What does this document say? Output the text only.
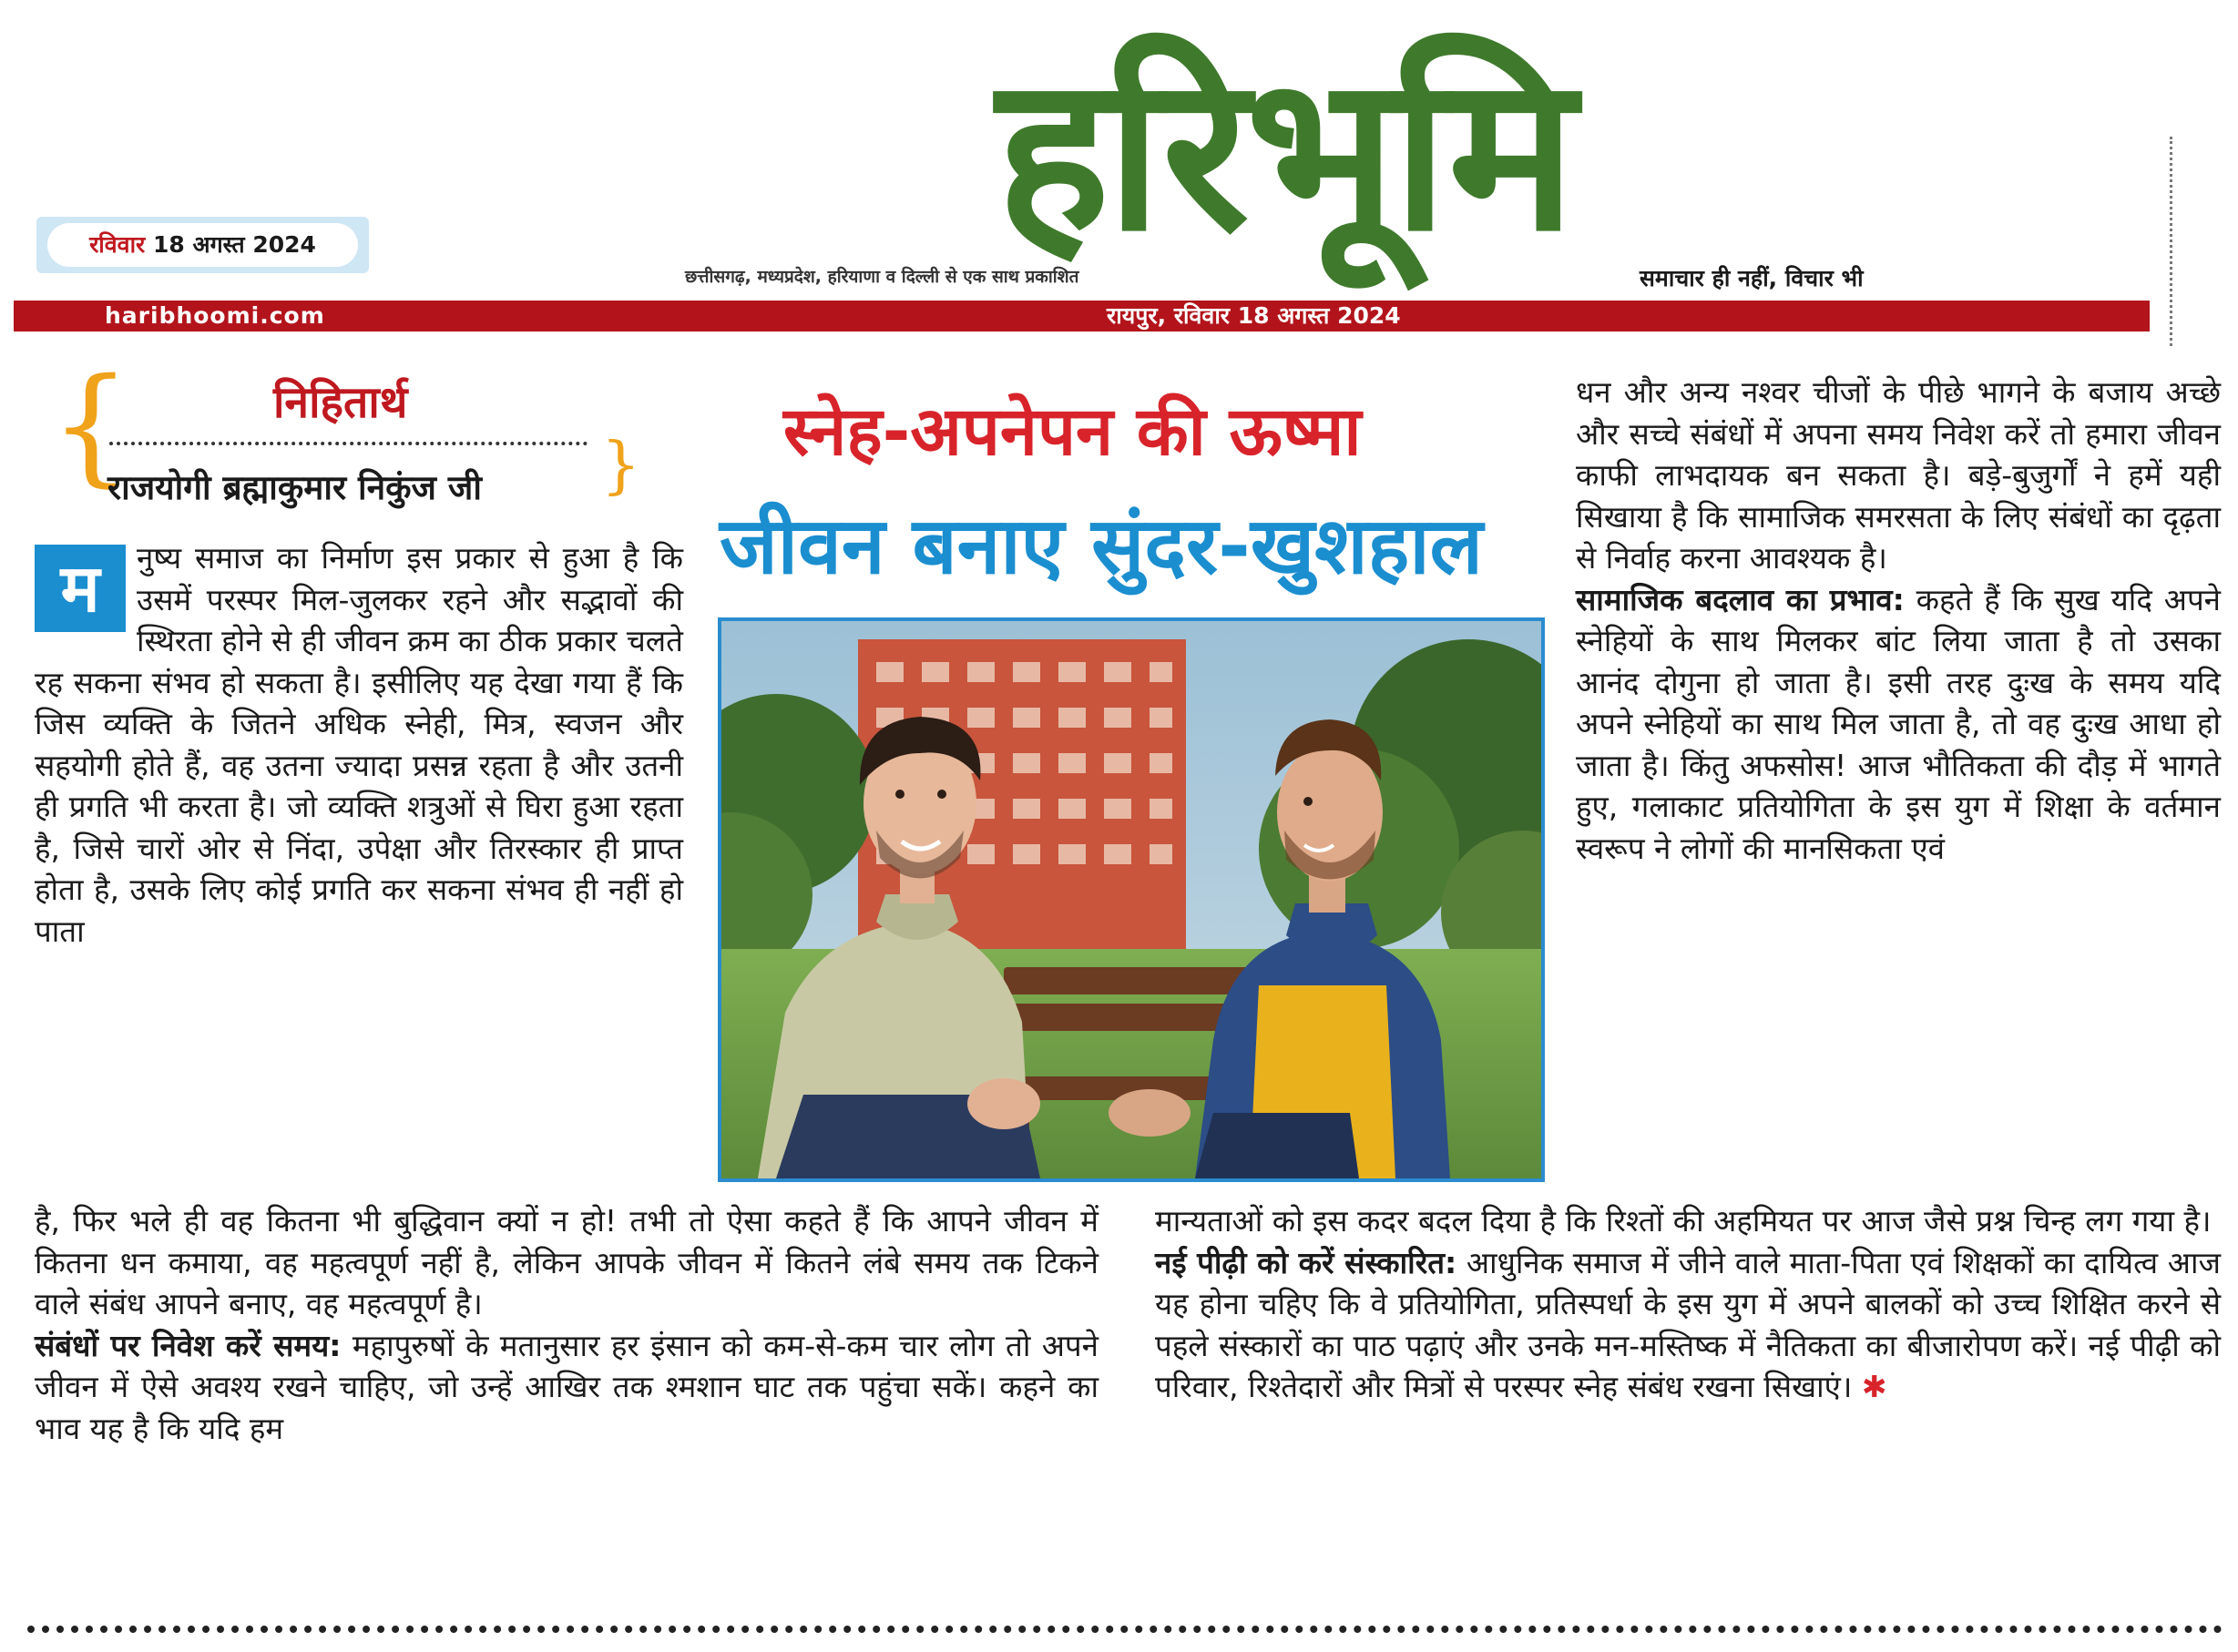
हरिभूमि
रविवार 18 अगस्त 2024
छत्तीसगढ़, मध्यप्रदेश, हरियाणा व दिल्ली से एक साथ प्रकाशित	समाचार ही नहीं, विचार भी
haribhoomi.com	रायपुर, रविवार 18 अगस्त 2024
{	निहितार्थ
राजयोगी ब्रह्माकुमार निकुंज जी } स्नेह-अपनेपन की ऊष्मा
जीवन बनाए सुंदर-खुशहाल
म	नुष्य समाज का निर्माण इस प्रकार से हुआ है कि उसमें परस्पर मिल-जुलकर रहने और सद्भावों की स्थिरता होने से ही जीवन क्रम का ठीक प्रकार चलते रह सकना संभव हो सकता है। इसीलिए यह देखा गया हैं कि जिस व्यक्ति के जितने अधिक स्नेही, मित्र, स्वजन और सहयोगी होते हैं, वह उतना ज्यादा प्रसन्न रहता है और उतनी ही प्रगति भी करता है। जो व्यक्ति शत्रुओं से घिरा हुआ रहता है, जिसे चारों ओर से निंदा, उपेक्षा और तिरस्कार ही प्राप्त होता है, उसके लिए कोई प्रगति कर सकना संभव ही नहीं हो पाता
है, फिर भले ही वह कितना भी बुद्धिवान क्यों न हो! तभी तो ऐसा कहते हैं कि आपने जीवन में कितना धन कमाया, वह महत्वपूर्ण नहीं है, लेकिन आपके जीवन में कितने लंबे समय तक टिकने वाले संबंध आपने बनाए, वह महत्वपूर्ण है।
संबंधों पर निवेश करें समय: महापुरुषों के मतानुसार हर इंसान को कम-से-कम चार लोग तो अपने जीवन में ऐसे अवश्य रखने चाहिए, जो उन्हें आखिर तक श्मशान घाट तक पहुंचा सकें। कहने का भाव यह है कि यदि हम
धन और अन्य नश्वर चीजों के पीछे भागने के बजाय अच्छे और सच्चे संबंधों में अपना समय निवेश करें तो हमारा जीवन काफी लाभदायक बन सकता है। बड़े-बुजुर्गों ने हमें यही सिखाया है कि सामाजिक समरसता के लिए संबंधों का दृढ़ता से निर्वाह करना आवश्यक है।
सामाजिक बदलाव का प्रभाव: कहते हैं कि सुख यदि अपने स्नेहियों के साथ मिलकर बांट लिया जाता है तो उसका आनंद दोगुना हो जाता है। इसी तरह दुःख के समय यदि अपने स्नेहियों का साथ मिल जाता है, तो वह दुःख आधा हो जाता है। किंतु अफसोस! आज भौतिकता की दौड़ में भागते हुए, गलाकाट प्रतियोगिता के इस युग में शिक्षा के वर्तमान स्वरूप ने लोगों की मानसिकता एवं
मान्यताओं को इस कदर बदल दिया है कि रिश्तों की अहमियत पर आज जैसे प्रश्न चिन्ह लग गया है।
नई पीढ़ी को करें संस्कारित: आधुनिक समाज में जीने वाले माता-पिता एवं शिक्षकों का दायित्व आज यह होना चहिए कि वे प्रतियोगिता, प्रतिस्पर्धा के इस युग में अपने बालकों को उच्च शिक्षित करने से पहले संस्कारों का पाठ पढ़ाएं और उनके मन-मस्तिष्क में नैतिकता का बीजारोपण करें। नई पीढ़ी को परिवार, रिश्तेदारों और मित्रों से परस्पर स्नेह संबंध रखना सिखाएं। ✱
